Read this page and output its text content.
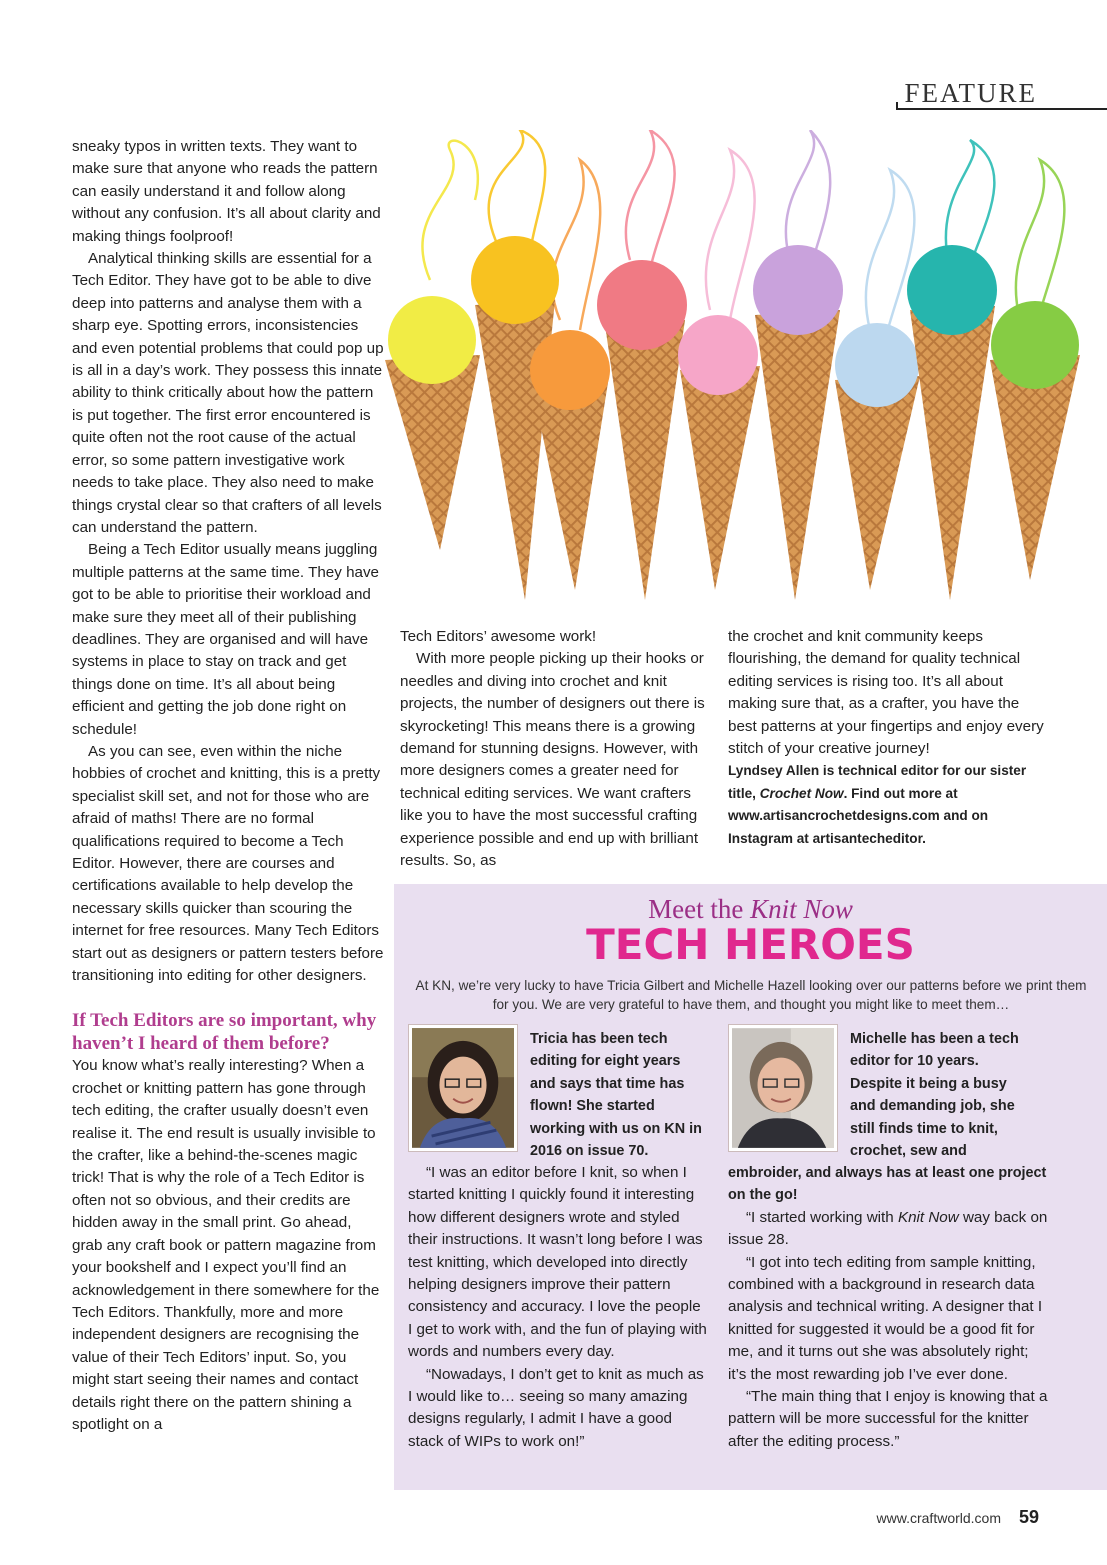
FEATURE

sneaky typos in written texts. They want to make sure that anyone who reads the pattern can easily understand it and follow along without any confusion. It’s all about clarity and making things foolproof!

Analytical thinking skills are essential for a Tech Editor. They have got to be able to dive deep into patterns and analyse them with a sharp eye. Spotting errors, inconsistencies and even potential problems that could pop up is all in a day’s work. They possess this innate ability to think critically about how the pattern is put together. The first error encountered is quite often not the root cause of the actual error, so some pattern investigative work needs to take place. They also need to make things crystal clear so that crafters of all levels can understand the pattern.

Being a Tech Editor usually means juggling multiple patterns at the same time. They have got to be able to prioritise their workload and make sure they meet all of their publishing deadlines. They are organised and will have systems in place to stay on track and get things done on time. It’s all about being efficient and getting the job done right on schedule!

As you can see, even within the niche hobbies of crochet and knitting, this is a pretty specialist skill set, and not for those who are afraid of maths! There are no formal qualifications required to become a Tech Editor. However, there are courses and certifications available to help develop the necessary skills quicker than scouring the internet for free resources. Many Tech Editors start out as designers or pattern testers before transitioning into editing for other designers.

If Tech Editors are so important, why haven’t I heard of them before?

You know what’s really interesting? When a crochet or knitting pattern has gone through tech editing, the crafter usually doesn’t even realise it. The end result is usually invisible to the crafter, like a behind-the-scenes magic trick! That is why the role of a Tech Editor is often not so obvious, and their credits are hidden away in the small print. Go ahead, grab any craft book or pattern magazine from your bookshelf and I expect you’ll find an acknowledgement in there somewhere for the Tech Editors. Thankfully, more and more independent designers are recognising the value of their Tech Editors’ input. So, you might start seeing their names and contact details right there on the pattern shining a spotlight on a

Tech Editors’ awesome work!

With more people picking up their hooks or needles and diving into crochet and knit projects, the number of designers out there is skyrocketing! This means there is a growing demand for stunning designs. However, with more designers comes a greater need for technical editing services. We want crafters like you to have the most successful crafting experience possible and end up with brilliant results. So, as

the crochet and knit community keeps flourishing, the demand for quality technical editing services is rising too. It’s all about making sure that, as a crafter, you have the best patterns at your fingertips and enjoy every stitch of your creative journey!

Lyndsey Allen is technical editor for our sister title, Crochet Now. Find out more at www.artisancrochetdesigns.com and on Instagram at artisantecheditor.

Meet the Knit Now
TECH HEROES
At KN, we’re very lucky to have Tricia Gilbert and Michelle Hazell looking over our patterns before we print them for you. We are very grateful to have them, and thought you might like to meet them…
Tricia has been tech editing for eight years and says that time has flown! She started working with us on KN in 2016 on issue 70.

“I was an editor before I knit, so when I started knitting I quickly found it interesting how different designers wrote and styled their instructions. It wasn’t long before I was test knitting, which developed into directly helping designers improve their pattern consistency and accuracy. I love the people I get to work with, and the fun of playing with words and numbers every day.

“Nowadays, I don’t get to knit as much as I would like to… seeing so many amazing designs regularly, I admit I have a good stack of WIPs to work on!”

Michelle has been a tech editor for 10 years. Despite it being a busy and demanding job, she still finds time to knit, crochet, sew and

embroider, and always has at least one project on the go!

“I started working with Knit Now way back on issue 28.

“I got into tech editing from sample knitting, combined with a background in research data analysis and technical writing. A designer that I knitted for suggested it would be a good fit for me, and it turns out she was absolutely right; it’s the most rewarding job I’ve ever done.

“The main thing that I enjoy is knowing that a pattern will be more successful for the knitter after the editing process.”

www.craftworld.com 59
